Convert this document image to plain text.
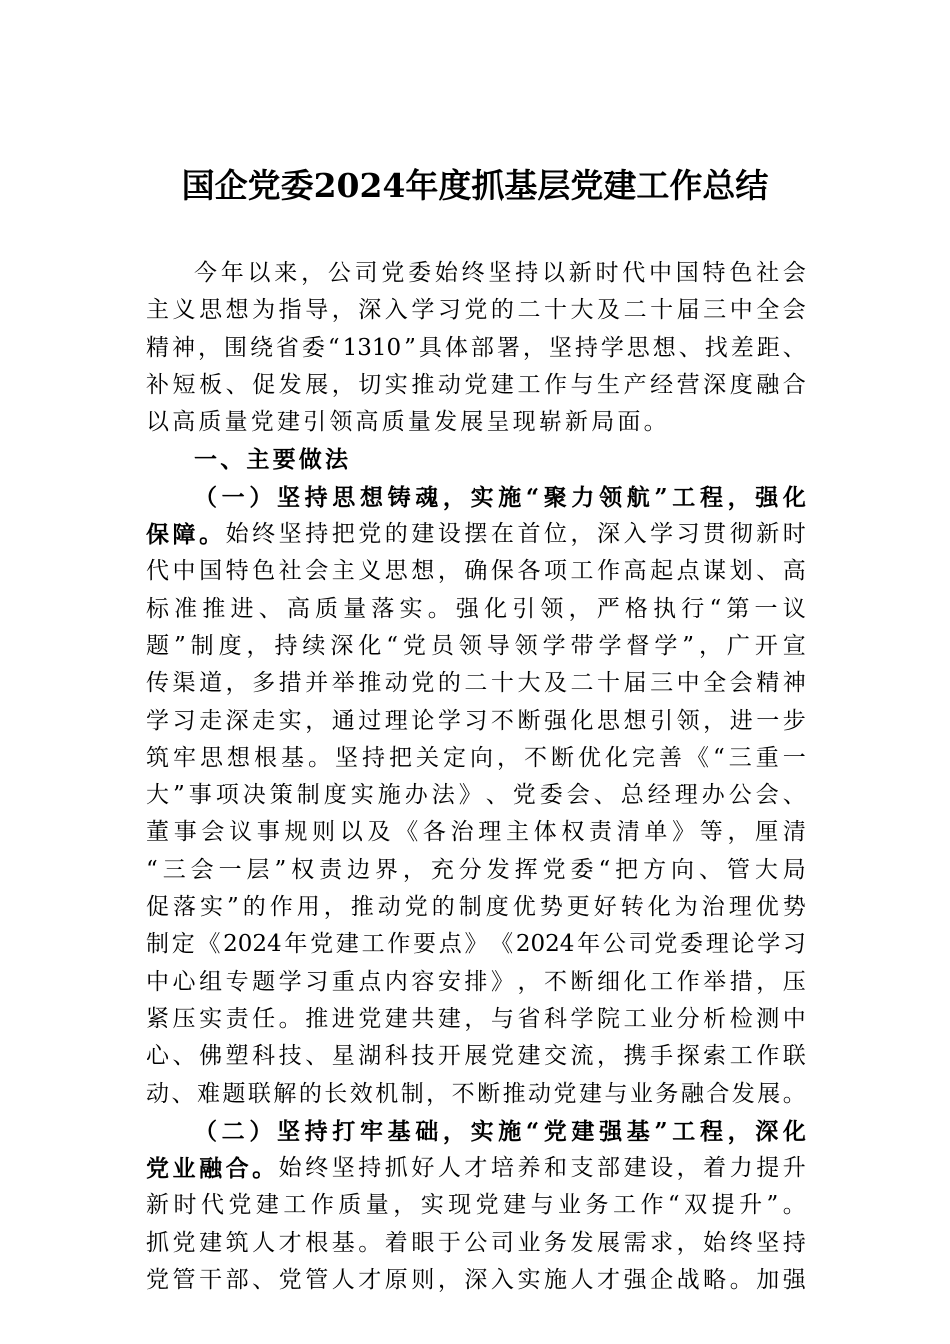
国企党委2024年度抓基层党建工作总结
今 年 以 来 ， 公 司 党 委 始 终 坚 持 以 新 时 代 中 国 特 色 社 会
主 义 思 想 为 指 导 ， 深 入 学 习 党 的 二 十 大 及 二 十 届 三 中 全 会
精 神 ， 围 绕 省 委 “ 1310 ” 具 体 部 署 ， 坚 持 学 思 想 、 找 差 距 、
补 短 板 、 促 发 展 ， 切 实 推 动 党 建 工 作 与 生 产 经 营 深 度 融 合
以 高 质 量 党 建 引 领 高 质 量 发 展 呈 现 崭 新 局 面 。
一 、 主 要 做 法
（ 一 ） 坚 持 思 想 铸 魂 ， 实 施 “ 聚 力 领 航 ” 工 程 ， 强 化
保 障 。 始 终 坚 持 把 党 的 建 设 摆 在 首 位 ， 深 入 学 习 贯 彻 新 时
代 中 国 特 色 社 会 主 义 思 想 ， 确 保 各 项 工 作 高 起 点 谋 划 、 高
标 准 推 进 、 高 质 量 落 实 。 强 化 引 领 ， 严 格 执 行 “ 第 一 议
题 ” 制 度 ， 持 续 深 化 “ 党 员 领 导 领 学 带 学 督 学 ” ， 广 开 宣
传 渠 道 ， 多 措 并 举 推 动 党 的 二 十 大 及 二 十 届 三 中 全 会 精 神
学 习 走 深 走 实 ， 通 过 理 论 学 习 不 断 强 化 思 想 引 领 ， 进 一 步
筑 牢 思 想 根 基 。 坚 持 把 关 定 向 ， 不 断 优 化 完 善 《 “ 三 重 一
大 ” 事 项 决 策 制 度 实 施 办 法 》 、 党 委 会 、 总 经 理 办 公 会 、
董 事 会 议 事 规 则 以 及 《 各 治 理 主 体 权 责 清 单 》 等 ， 厘 清
“ 三 会 一 层 ” 权 责 边 界 ， 充 分 发 挥 党 委 “ 把 方 向 、 管 大 局
促 落 实 ” 的 作 用 ， 推 动 党 的 制 度 优 势 更 好 转 化 为 治 理 优 势
制 定 《 2024 年 党 建 工 作 要 点 》 《 2024 年 公 司 党 委 理 论 学 习
中 心 组 专 题 学 习 重 点 内 容 安 排 》 ， 不 断 细 化 工 作 举 措 ， 压
紧 压 实 责 任 。 推 进 党 建 共 建 ， 与 省 科 学 院 工 业 分 析 检 测 中
心 、 佛 塑 科 技 、 星 湖 科 技 开 展 党 建 交 流 ， 携 手 探 索 工 作 联
动 、 难 题 联 解 的 长 效 机 制 ， 不 断 推 动 党 建 与 业 务 融 合 发 展 。
（ 二 ） 坚 持 打 牢 基 础 ， 实 施 “ 党 建 强 基 ” 工 程 ， 深 化
党 业 融 合 。 始 终 坚 持 抓 好 人 才 培 养 和 支 部 建 设 ， 着 力 提 升
新 时 代 党 建 工 作 质 量 ， 实 现 党 建 与 业 务 工 作 “ 双 提 升 ” 。
抓 党 建 筑 人 才 根 基 。 着 眼 于 公 司 业 务 发 展 需 求 ， 始 终 坚 持
党 管 干 部 、 党 管 人 才 原 则 ， 深 入 实 施 人 才 强 企 战 略 。 加 强
